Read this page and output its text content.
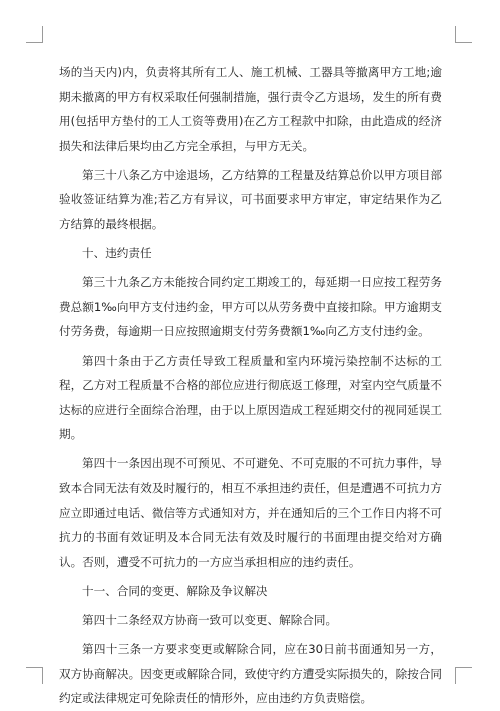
场的当天内)内，负责将其所有工人、施工机械、工器具等撤离甲方工地;逾期未撤离的甲方有权采取任何强制措施，强行责令乙方退场，发生的所有费用(包括甲方垫付的工人工资等费用)在乙方工程款中扣除，由此造成的经济损失和法律后果均由乙方完全承担，与甲方无关。

第三十八条乙方中途退场，乙方结算的工程量及结算总价以甲方项目部验收签证结算为准;若乙方有异议，可书面要求甲方审定，审定结果作为乙方结算的最终根据。

十、违约责任

第三十九条乙方未能按合同约定工期竣工的，每延期一日应按工程劳务费总额1‰向甲方支付违约金，甲方可以从劳务费中直接扣除。甲方逾期支付劳务费，每逾期一日应按照逾期支付劳务费额1‰向乙方支付违约金。

第四十条由于乙方责任导致工程质量和室内环境污染控制不达标的工程，乙方对工程质量不合格的部位应进行彻底返工修理，对室内空气质量不达标的应进行全面综合治理，由于以上原因造成工程延期交付的视同延误工期。

第四十一条因出现不可预见、不可避免、不可克服的不可抗力事件，导致本合同无法有效及时履行的，相互不承担违约责任，但是遭遇不可抗力方应立即通过电话、微信等方式通知对方，并在通知后的三个工作日内将不可抗力的书面有效证明及本合同无法有效及时履行的书面理由提交给对方确认。否则，遭受不可抗力的一方应当承担相应的违约责任。

十一、合同的变更、解除及争议解决

第四十二条经双方协商一致可以变更、解除合同。

第四十三条一方要求变更或解除合同，应在30日前书面通知另一方，双方协商解决。因变更或解除合同，致使守约方遭受实际损失的，除按合同约定或法律规定可免除责任的情形外，应由违约方负责赔偿。
